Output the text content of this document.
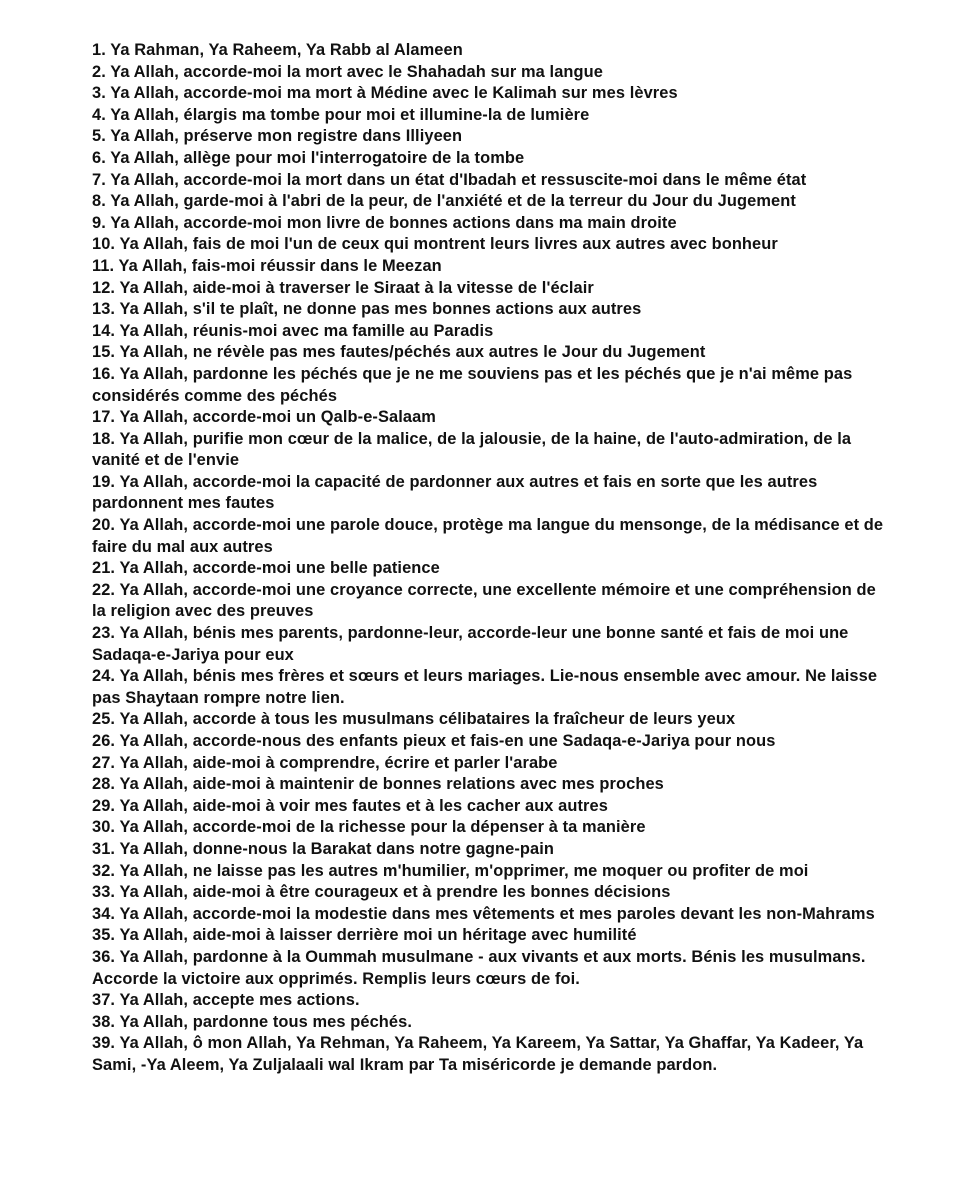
1. Ya Rahman, Ya Raheem, Ya Rabb al Alameen
2. Ya Allah, accorde-moi la mort avec le Shahadah sur ma langue
3. Ya Allah, accorde-moi ma mort à Médine avec le Kalimah sur mes lèvres
4. Ya Allah, élargis ma tombe pour moi et illumine-la de lumière
5. Ya Allah, préserve mon registre dans Illiyeen
6. Ya Allah, allège pour moi l'interrogatoire de la tombe
7. Ya Allah, accorde-moi la mort dans un état d'Ibadah et ressuscite-moi dans le même état
8. Ya Allah, garde-moi à l'abri de la peur, de l'anxiété et de la terreur du Jour du Jugement
9. Ya Allah, accorde-moi mon livre de bonnes actions dans ma main droite
10. Ya Allah, fais de moi l'un de ceux qui montrent leurs livres aux autres avec bonheur
11. Ya Allah, fais-moi réussir dans le Meezan
12. Ya Allah, aide-moi à traverser le Siraat à la vitesse de l'éclair
13. Ya Allah, s'il te plaît, ne donne pas mes bonnes actions aux autres
14. Ya Allah, réunis-moi avec ma famille au Paradis
15. Ya Allah, ne révèle pas mes fautes/péchés aux autres le Jour du Jugement
16. Ya Allah, pardonne les péchés que je ne me souviens pas et les péchés que je n'ai même pas considérés comme des péchés
17. Ya Allah, accorde-moi un Qalb-e-Salaam
18. Ya Allah, purifie mon cœur de la malice, de la jalousie, de la haine, de l'auto-admiration, de la vanité et de l'envie
19. Ya Allah, accorde-moi la capacité de pardonner aux autres et fais en sorte que les autres pardonnent mes fautes
20. Ya Allah, accorde-moi une parole douce, protège ma langue du mensonge, de la médisance et de faire du mal aux autres
21. Ya Allah, accorde-moi une belle patience
22. Ya Allah, accorde-moi une croyance correcte, une excellente mémoire et une compréhension de la religion avec des preuves
23. Ya Allah, bénis mes parents, pardonne-leur, accorde-leur une bonne santé et fais de moi une Sadaqa-e-Jariya pour eux
24. Ya Allah, bénis mes frères et sœurs et leurs mariages. Lie-nous ensemble avec amour. Ne laisse pas Shaytaan rompre notre lien.
25. Ya Allah, accorde à tous les musulmans célibataires la fraîcheur de leurs yeux
26. Ya Allah, accorde-nous des enfants pieux et fais-en une Sadaqa-e-Jariya pour nous
27. Ya Allah, aide-moi à comprendre, écrire et parler l'arabe
28. Ya Allah, aide-moi à maintenir de bonnes relations avec mes proches
29. Ya Allah, aide-moi à voir mes fautes et à les cacher aux autres
30. Ya Allah, accorde-moi de la richesse pour la dépenser à ta manière
31. Ya Allah, donne-nous la Barakat dans notre gagne-pain
32. Ya Allah, ne laisse pas les autres m'humilier, m'opprimer, me moquer ou profiter de moi
33. Ya Allah, aide-moi à être courageux et à prendre les bonnes décisions
34. Ya Allah, accorde-moi la modestie dans mes vêtements et mes paroles devant les non-Mahrams
35. Ya Allah, aide-moi à laisser derrière moi un héritage avec humilité
36. Ya Allah, pardonne à la Oummah musulmane - aux vivants et aux morts. Bénis les musulmans. Accorde la victoire aux opprimés. Remplis leurs cœurs de foi.
37. Ya Allah, accepte mes actions.
38. Ya Allah, pardonne tous mes péchés.
39. Ya Allah, ô mon Allah, Ya Rehman, Ya Raheem, Ya Kareem, Ya Sattar, Ya Ghaffar, Ya Kadeer, Ya Sami, -Ya Aleem, Ya Zuljalaali wal Ikram par Ta miséricorde je demande pardon.
